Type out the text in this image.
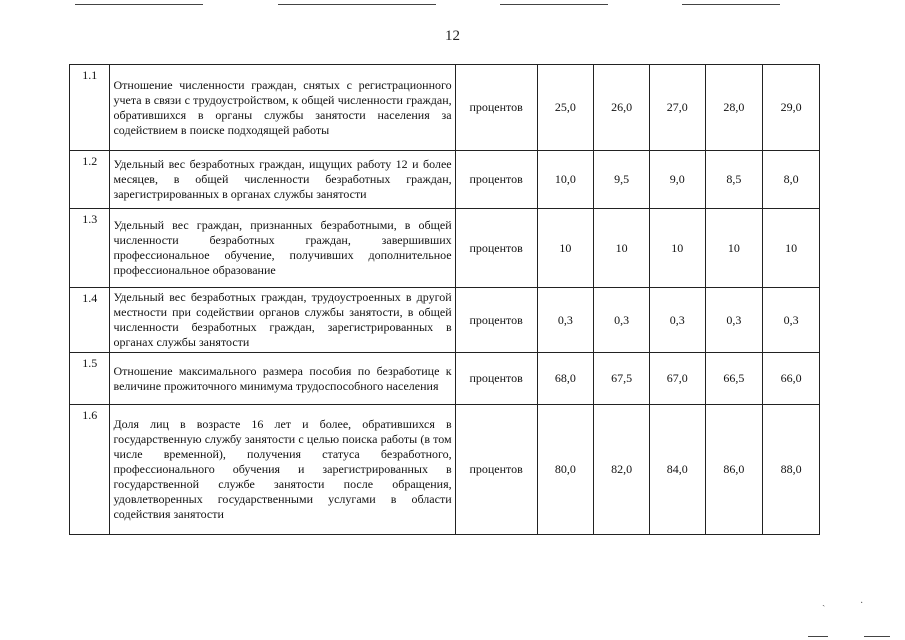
12
1.1	Отношение численности граждан, снятых с регистрационного учета в связи с трудоустройством, к общей численности граждан, обратившихся в органы службы занятости населения за содействием в поиске подходящей работы	процентов	25,0	26,0	27,0	28,0	29,0
1.2	Удельный вес безработных граждан, ищущих работу 12 и более месяцев, в общей численности безработных граждан, зарегистрированных в органах службы занятости	процентов	10,0	9,5	9,0	8,5	8,0
1.3	Удельный вес граждан, признанных безработными, в общей численности безработных граждан, завершивших профессиональное обучение, получивших дополнительное профессиональное образование	процентов	10	10	10	10	10
1.4	Удельный вес безработных граждан, трудоустроенных в другой местности при содействии органов службы занятости, в общей численности безработных граждан, зарегистрированных в органах службы занятости	процентов	0,3	0,3	0,3	0,3	0,3
1.5	Отношение максимального размера пособия по безработице к величине прожиточного минимума трудоспособного населения	процентов	68,0	67,5	67,0	66,5	66,0
1.6	Доля лиц в возрасте 16 лет и более, обратившихся в государственную службу занятости с целью поиска работы (в том числе временной), получения статуса безработного, профессионального обучения и зарегистрированных в государственной службе занятости после обращения, удовлетворенных государственными услугами в области содействия занятости	процентов	80,0	82,0	84,0	86,0	88,0
ˎ	·
